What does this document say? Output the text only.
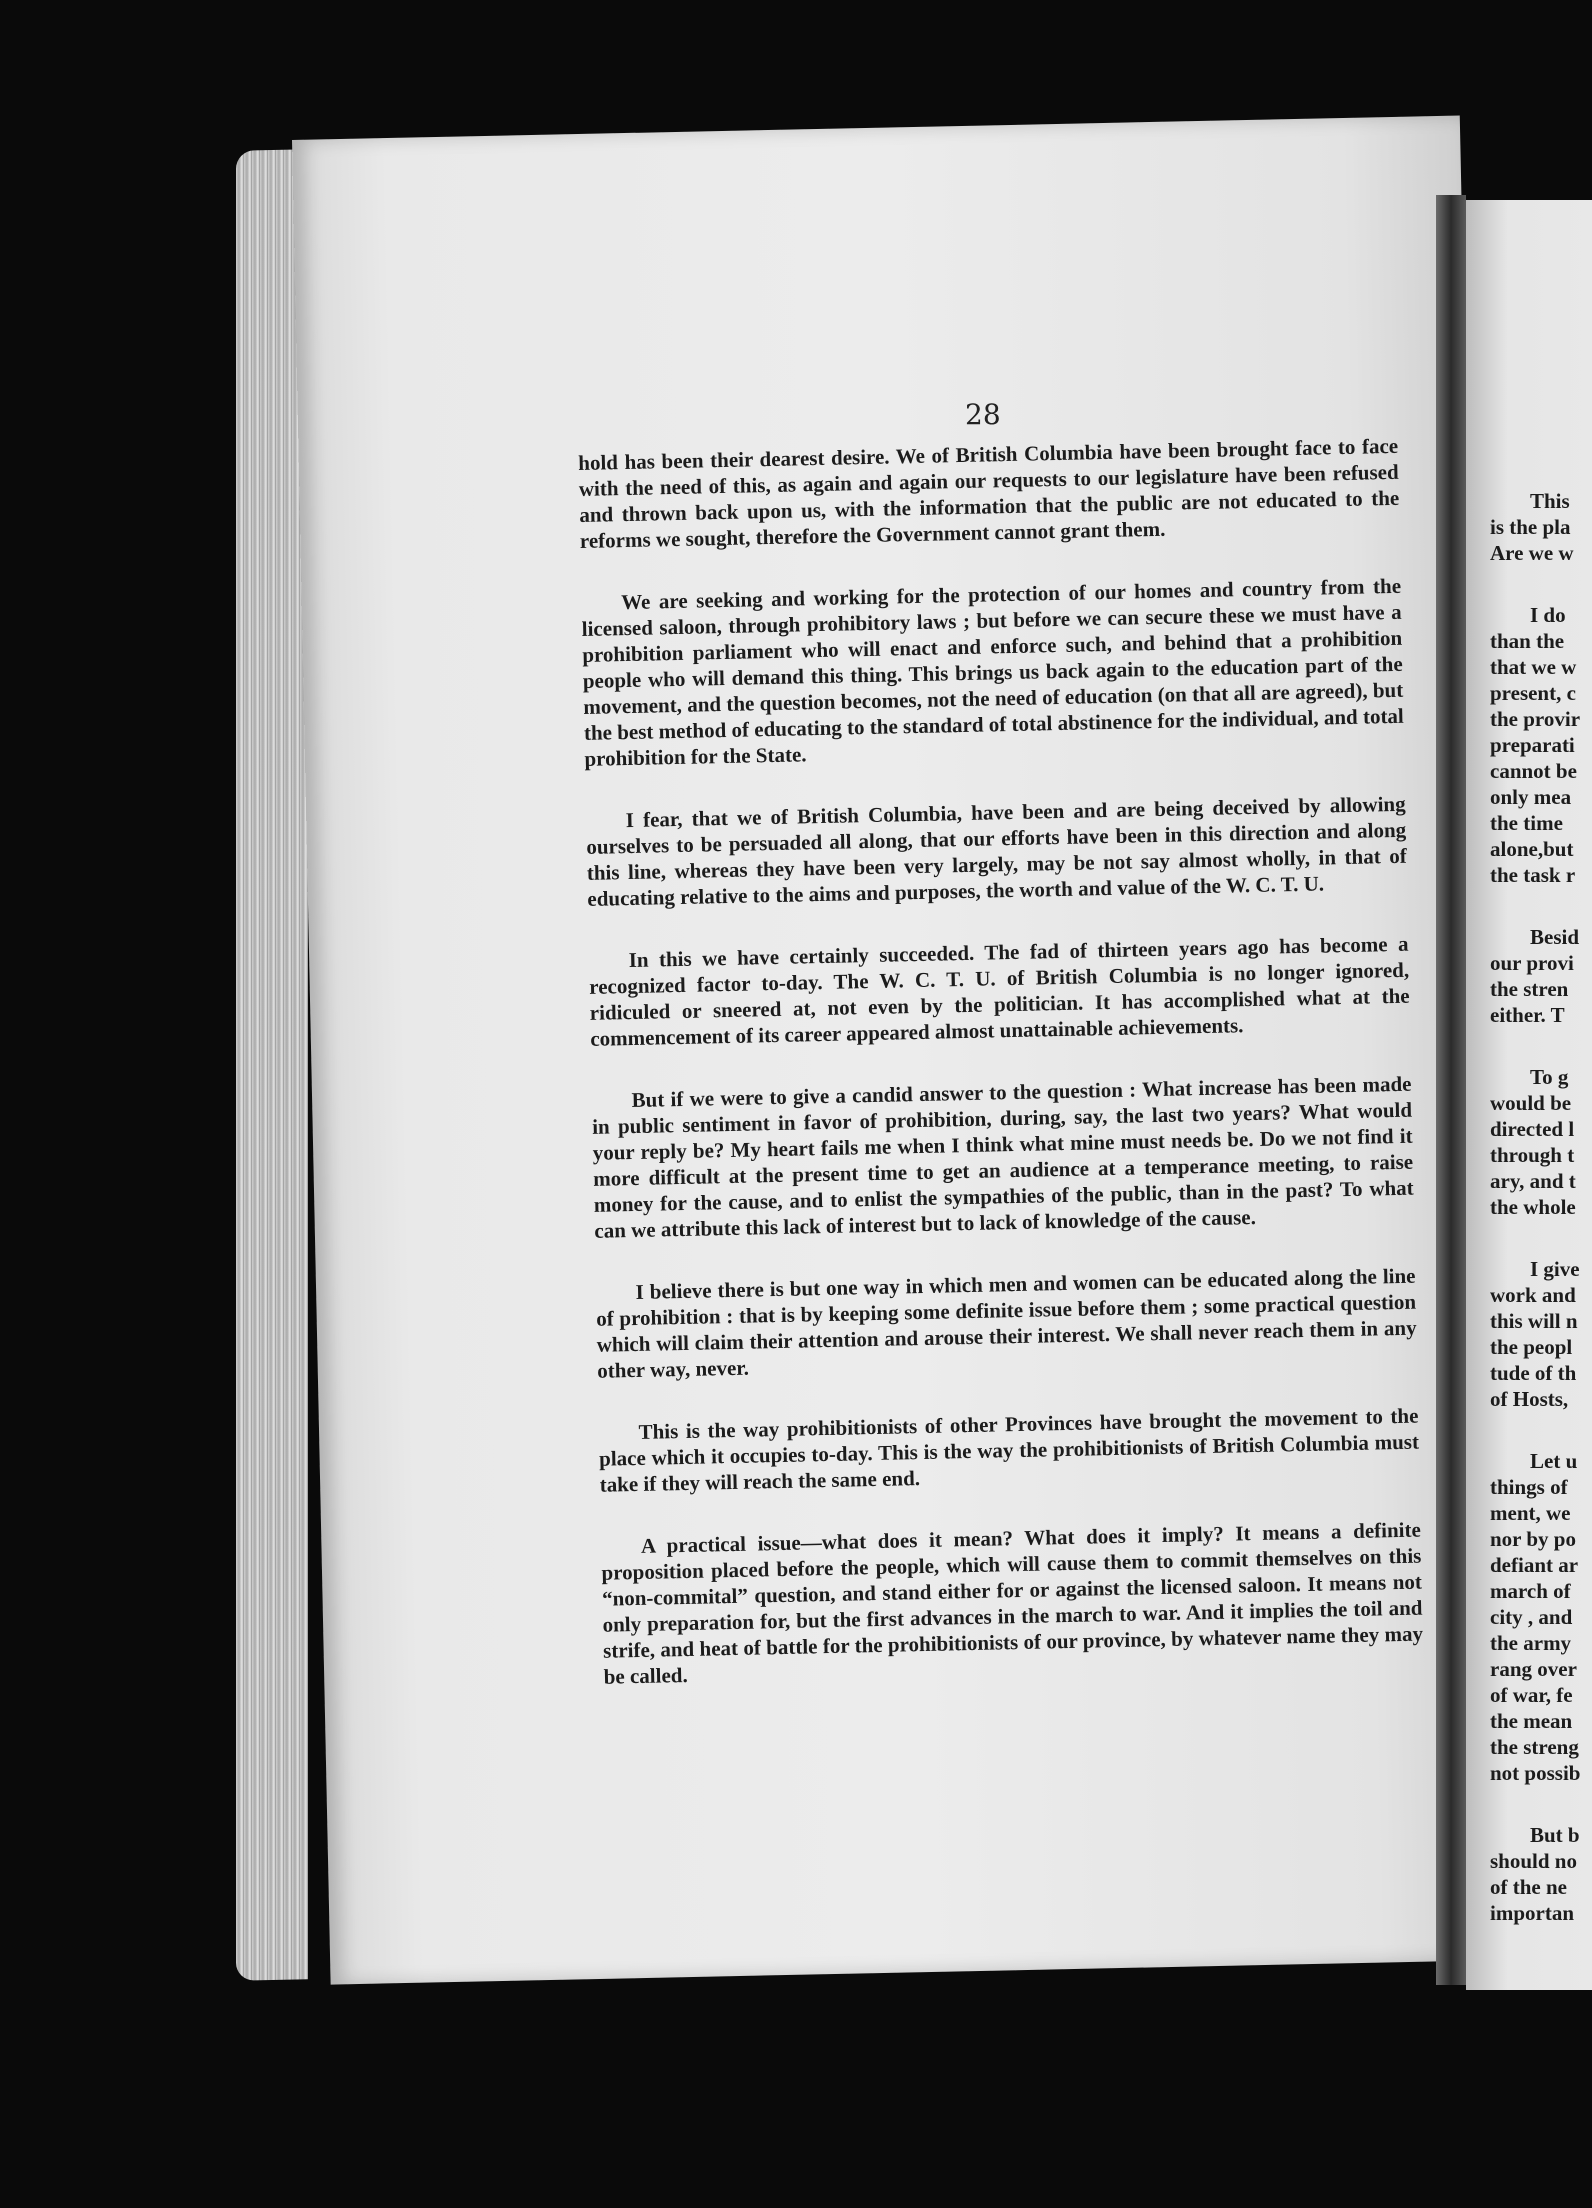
28

hold has been their dearest desire. We of British Columbia have been brought face to face with the need of this, as again and again our requests to our legislature have been refused and thrown back upon us, with the information that the public are not educated to the reforms we sought, therefore the Government cannot grant them.

We are seeking and working for the protection of our homes and country from the licensed saloon, through prohibitory laws ; but before we can secure these we must have a prohibition parliament who will enact and enforce such, and behind that a prohibition people who will demand this thing. This brings us back again to the education part of the movement, and the question becomes, not the need of education (on that all are agreed), but the best method of educating to the standard of total abstinence for the individual, and total prohibition for the State.

I fear, that we of British Columbia, have been and are being deceived by allowing ourselves to be persuaded all along, that our efforts have been in this direction and along this line, whereas they have been very largely, may be not say almost wholly, in that of educating relative to the aims and purposes, the worth and value of the W. C. T. U.

In this we have certainly succeeded. The fad of thirteen years ago has become a recognized factor to-day. The W. C. T. U. of British Columbia is no longer ignored, ridiculed or sneered at, not even by the politician. It has accomplished what at the commencement of its career appeared almost unattainable achievements.

But if we were to give a candid answer to the question : What increase has been made in public sentiment in favor of prohibition, during, say, the last two years? What would your reply be? My heart fails me when I think what mine must needs be. Do we not find it more difficult at the present time to get an audience at a temperance meeting, to raise money for the cause, and to enlist the sympathies of the public, than in the past? To what can we attribute this lack of interest but to lack of knowledge of the cause.

I believe there is but one way in which men and women can be educated along the line of prohibition : that is by keeping some definite issue before them ; some practical question which will claim their attention and arouse their interest. We shall never reach them in any other way, never.

This is the way prohibitionists of other Provinces have brought the movement to the place which it occupies to-day. This is the way the prohibitionists of British Columbia must take if they will reach the same end.

A practical issue—what does it mean? What does it imply? It means a definite proposition placed before the people, which will cause them to commit themselves on this “non-commital” question, and stand either for or against the licensed saloon. It means not only preparation for, but the first advances in the march to war. And it implies the toil and strife, and heat of battle for the prohibitionists of our province, by whatever name they may be called.

This
is the pla
Are we w
I do
than the
that we w
present, c
the provir
preparati
cannot be
only mea
the time
alone,but
the task r
Besid
our provi
the stren
either. T
To g
would be
directed l
through t
ary, and t
the whole
I give
work and
this will n
the peopl
tude of th
of Hosts,
Let u
things of
ment, we
nor by po
defiant ar
march of
city , and
the army
rang over
of war, fe
the mean
the streng
not possib
But b
should no
of the ne
importan
